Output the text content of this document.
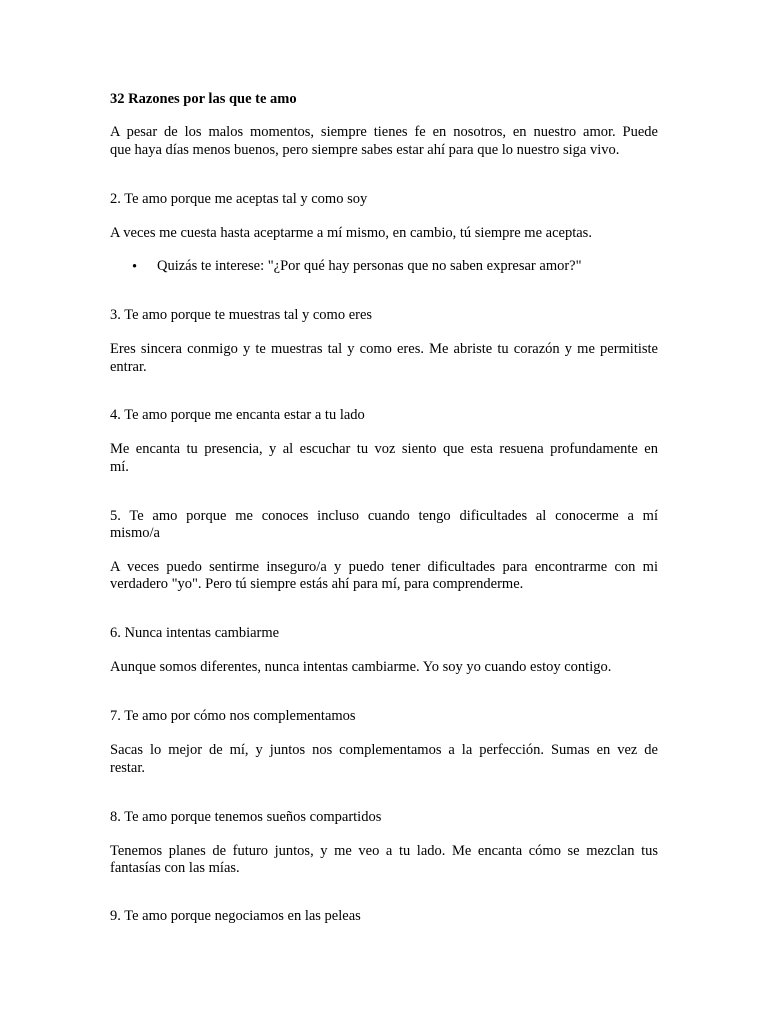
32 Razones por las que te amo
A pesar de los malos momentos, siempre tienes fe en nosotros, en nuestro amor. Puede
que haya días menos buenos, pero siempre sabes estar ahí para que lo nuestro siga vivo.
2. Te amo porque me aceptas tal y como soy
A veces me cuesta hasta aceptarme a mí mismo, en cambio, tú siempre me aceptas.
• Quizás te interese: "¿Por qué hay personas que no saben expresar amor?"
3. Te amo porque te muestras tal y como eres
Eres sincera conmigo y te muestras tal y como eres. Me abriste tu corazón y me permitiste
entrar.
4. Te amo porque me encanta estar a tu lado
Me encanta tu presencia, y al escuchar tu voz siento que esta resuena profundamente en
mí.
5. Te amo porque me conoces incluso cuando tengo dificultades al conocerme a mí
mismo/a
A veces puedo sentirme inseguro/a y puedo tener dificultades para encontrarme con mi
verdadero "yo". Pero tú siempre estás ahí para mí, para comprenderme.
6. Nunca intentas cambiarme
Aunque somos diferentes, nunca intentas cambiarme. Yo soy yo cuando estoy contigo.
7. Te amo por cómo nos complementamos
Sacas lo mejor de mí, y juntos nos complementamos a la perfección. Sumas en vez de
restar.
8. Te amo porque tenemos sueños compartidos
Tenemos planes de futuro juntos, y me veo a tu lado. Me encanta cómo se mezclan tus
fantasías con las mías.
9. Te amo porque negociamos en las peleas
